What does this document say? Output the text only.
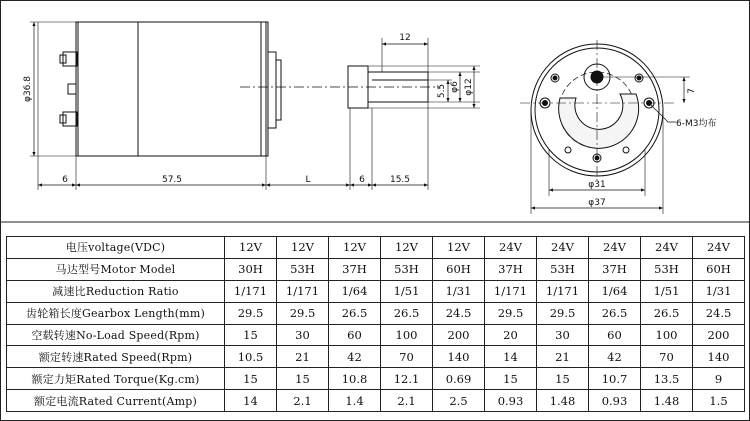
12
φ36.8	5.5 φ6 φ12
6	57.5	L	6	15.5
7
6-M3均布
φ31
φ37
电压voltage(VDC)	12V	12V	12V	12V	12V	24V	24V	24V	24V	24V
马达型号Motor Model	30H	53H	37H	53H	60H	37H	53H	37H	53H	60H
减速比Reduction Ratio	1/171	1/171	1/64	1/51	1/31	1/171	1/171	1/64	1/51	1/31
齿轮箱长度Gearbox Length(mm)	29.5	29.5	26.5	26.5	24.5	29.5	29.5	26.5	26.5	24.5
空载转速No-Load Speed(Rpm)	15	30	60	100	200	20	30	60	100	200
额定转速Rated Speed(Rpm)	10.5	21	42	70	140	14	21	42	70	140
额定力矩Rated Torque(Kg.cm)	15	15	10.8	12.1	0.69	15	15	10.7	13.5	9
额定电流Rated Current(Amp)	14	2.1	1.4	2.1	2.5	0.93	1.48	0.93	1.48	1.5
